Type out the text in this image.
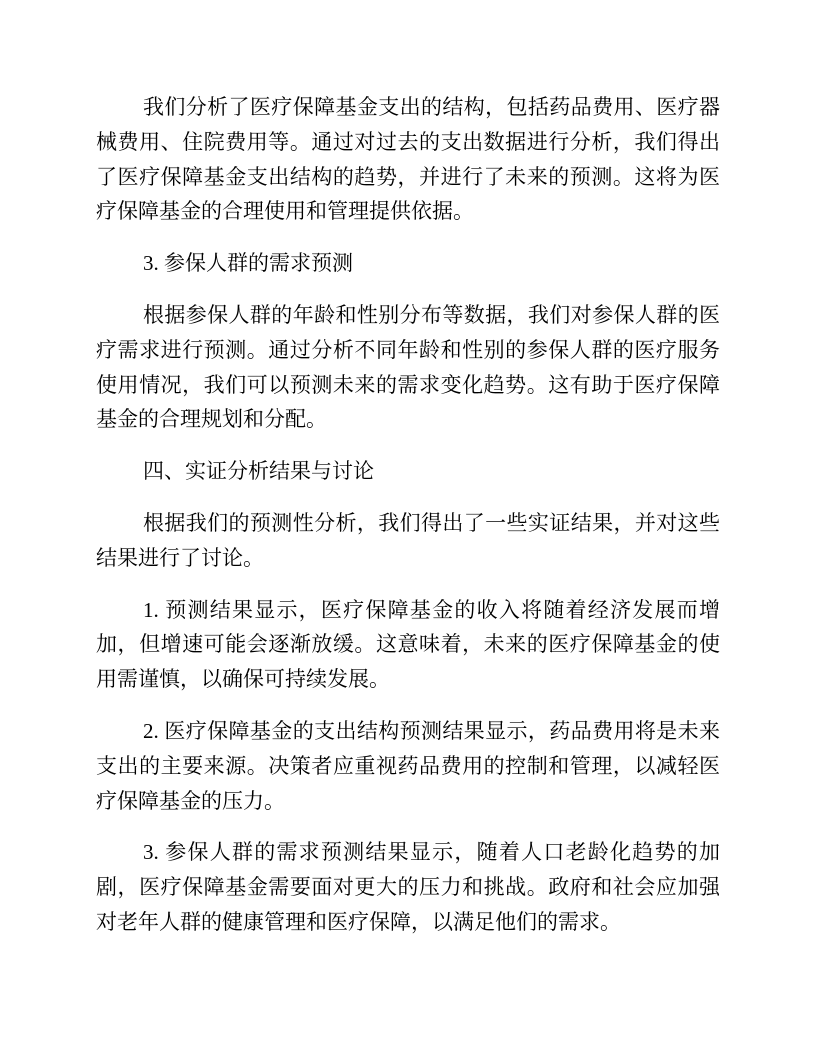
我们分析了医疗保障基金支出的结构，包括药品费用、医疗器械费用、住院费用等。通过对过去的支出数据进行分析，我们得出了医疗保障基金支出结构的趋势，并进行了未来的预测。这将为医疗保障基金的合理使用和管理提供依据。

3. 参保人群的需求预测

根据参保人群的年龄和性别分布等数据，我们对参保人群的医疗需求进行预测。通过分析不同年龄和性别的参保人群的医疗服务使用情况，我们可以预测未来的需求变化趋势。这有助于医疗保障基金的合理规划和分配。

四、实证分析结果与讨论

根据我们的预测性分析，我们得出了一些实证结果，并对这些结果进行了讨论。

1. 预测结果显示，医疗保障基金的收入将随着经济发展而增加，但增速可能会逐渐放缓。这意味着，未来的医疗保障基金的使用需谨慎，以确保可持续发展。

2. 医疗保障基金的支出结构预测结果显示，药品费用将是未来支出的主要来源。决策者应重视药品费用的控制和管理，以减轻医疗保障基金的压力。

3. 参保人群的需求预测结果显示，随着人口老龄化趋势的加剧，医疗保障基金需要面对更大的压力和挑战。政府和社会应加强对老年人群的健康管理和医疗保障，以满足他们的需求。
